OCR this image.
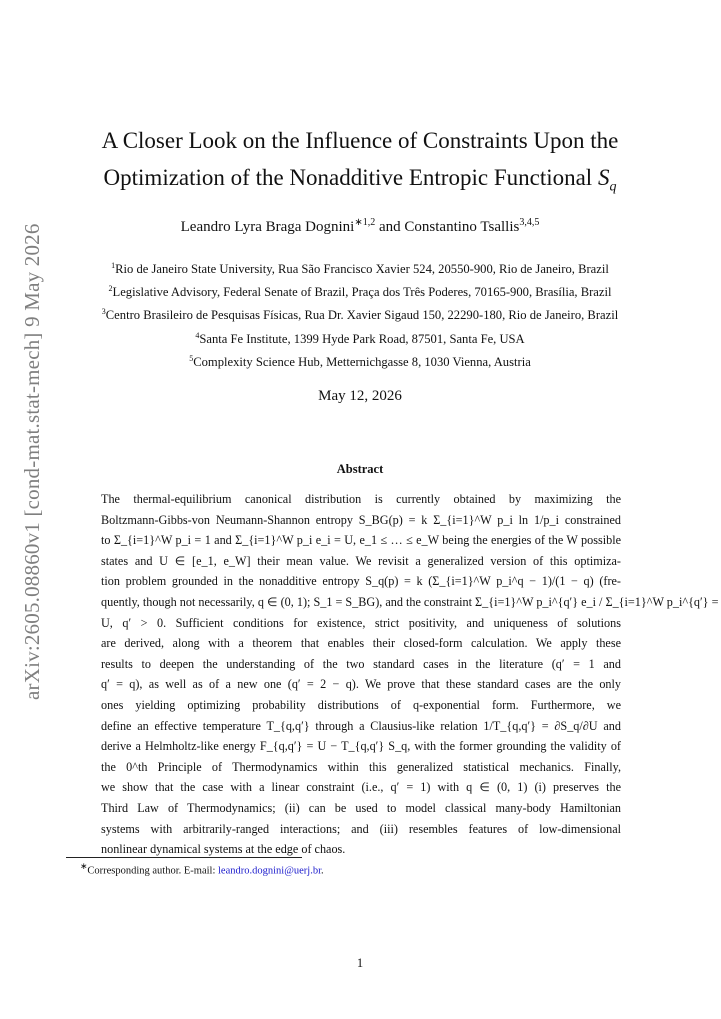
arXiv:2605.08860v1 [cond-mat.stat-mech] 9 May 2026
A Closer Look on the Influence of Constraints Upon the
Optimization of the Nonadditive Entropic Functional $S_q$
Leandro Lyra Braga Dognini$^{∗1,2}$ and Constantino Tsallis$^{3,4,5}$
$^1$Rio de Janeiro State University, Rua São Francisco Xavier 524, 20550-900, Rio de Janeiro, Brazil
$^2$Legislative Advisory, Federal Senate of Brazil, Praça dos Três Poderes, 70165-900, Brasília, Brazil
$^3$Centro Brasileiro de Pesquisas Físicas, Rua Dr. Xavier Sigaud 150, 22290-180, Rio de Janeiro, Brazil
$^4$Santa Fe Institute, 1399 Hyde Park Road, 87501, Santa Fe, USA
$^5$Complexity Science Hub, Metternichgasse 8, 1030 Vienna, Austria
May 12, 2026
Abstract
The thermal-equilibrium canonical distribution is currently obtained by maximizing the
Boltzmann-Gibbs-von Neumann-Shannon entropy S_BG(p) = k Σ_{i=1}^W p_i ln 1/p_i constrained
to Σ_{i=1}^W p_i = 1 and Σ_{i=1}^W p_i e_i = U, e_1 ≤ … ≤ e_W being the energies of the W possible
states and U ∈ [e_1, e_W] their mean value. We revisit a generalized version of this optimiza-
tion problem grounded in the nonadditive entropy S_q(p) = k (Σ_{i=1}^W p_i^q − 1)/(1 − q) (fre-
quently, though not necessarily, q ∈ (0, 1); S_1 = S_BG), and the constraint Σ_{i=1}^W p_i^{q′} e_i / Σ_{i=1}^W p_i^{q′} =
U, q′ > 0. Sufficient conditions for existence, strict positivity, and uniqueness of solutions
are derived, along with a theorem that enables their closed-form calculation. We apply these
results to deepen the understanding of the two standard cases in the literature (q′ = 1 and
q′ = q), as well as of a new one (q′ = 2 − q). We prove that these standard cases are the only
ones yielding optimizing probability distributions of q-exponential form. Furthermore, we
define an effective temperature T_{q,q′} through a Clausius-like relation 1/T_{q,q′} = ∂S_q/∂U and
derive a Helmholtz-like energy F_{q,q′} = U − T_{q,q′} S_q, with the former grounding the validity of
the 0^th Principle of Thermodynamics within this generalized statistical mechanics. Finally,
we show that the case with a linear constraint (i.e., q′ = 1) with q ∈ (0, 1) (i) preserves the
Third Law of Thermodynamics; (ii) can be used to model classical many-body Hamiltonian
systems with arbitrarily-ranged interactions; and (iii) resembles features of low-dimensional
nonlinear dynamical systems at the edge of chaos.
∗Corresponding author. E-mail: leandro.dognini@uerj.br.
1
